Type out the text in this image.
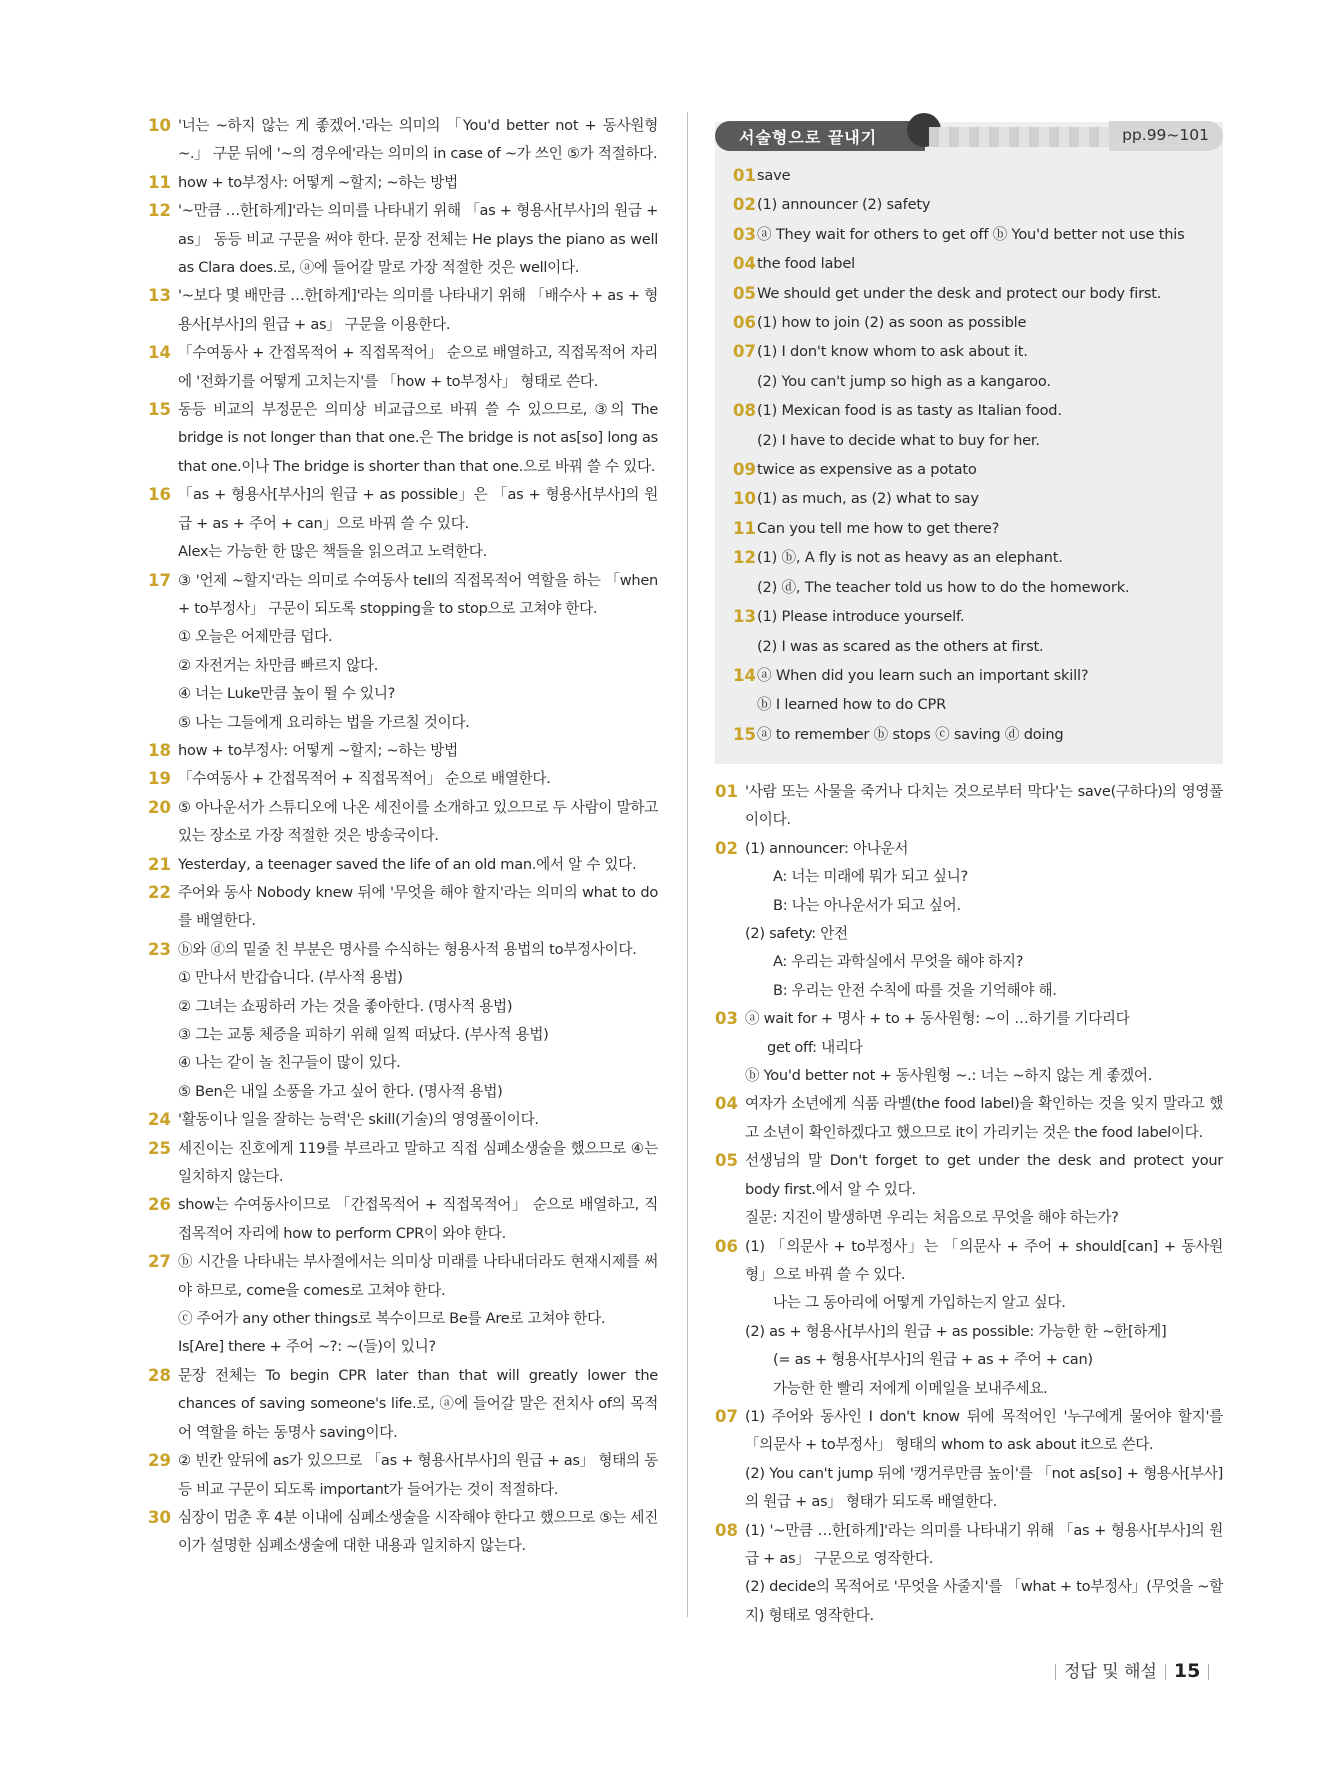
10 '너는 ~하지 않는 게 좋겠어.'라는 의미의 「You'd better not + 동사원형 ~.」 구문 뒤에 '~의 경우에'라는 의미의 in case of ~가 쓰인 ⑤가 적절하다.
11 how + to부정사: 어떻게 ~할지; ~하는 방법
12 '~만큼 …한[하게]'라는 의미를 나타내기 위해 「as + 형용사[부사]의 원급 + as」 동등 비교 구문을 써야 한다. 문장 전체는 He plays the piano as well as Clara does.로, ⓐ에 들어갈 말로 가장 적절한 것은 well이다.
13 '~보다 몇 배만큼 …한[하게]'라는 의미를 나타내기 위해 「배수사 + as + 형용사[부사]의 원급 + as」 구문을 이용한다.
14 「수여동사 + 간접목적어 + 직접목적어」 순으로 배열하고, 직접목적어 자리에 '전화기를 어떻게 고치는지'를 「how + to부정사」 형태로 쓴다.
15 동등 비교의 부정문은 의미상 비교급으로 바꿔 쓸 수 있으므로, ③의 The bridge is not longer than that one.은 The bridge is not as[so] long as that one.이나 The bridge is shorter than that one.으로 바꿔 쓸 수 있다.
16 「as + 형용사[부사]의 원급 + as possible」은 「as + 형용사[부사]의 원급 + as + 주어 + can」으로 바꿔 쓸 수 있다.
Alex는 가능한 한 많은 책들을 읽으려고 노력한다.
17 ③ '언제 ~할지'라는 의미로 수여동사 tell의 직접목적어 역할을 하는 「when + to부정사」 구문이 되도록 stopping을 to stop으로 고쳐야 한다.
① 오늘은 어제만큼 덥다.
② 자전거는 차만큼 빠르지 않다.
④ 너는 Luke만큼 높이 뛸 수 있니?
⑤ 나는 그들에게 요리하는 법을 가르칠 것이다.
18 how + to부정사: 어떻게 ~할지; ~하는 방법
19 「수여동사 + 간접목적어 + 직접목적어」 순으로 배열한다.
20 ⑤ 아나운서가 스튜디오에 나온 세진이를 소개하고 있으므로 두 사람이 말하고 있는 장소로 가장 적절한 것은 방송국이다.
21 Yesterday, a teenager saved the life of an old man.에서 알 수 있다.
22 주어와 동사 Nobody knew 뒤에 '무엇을 해야 할지'라는 의미의 what to do를 배열한다.
23 ⓑ와 ⓓ의 밑줄 친 부분은 명사를 수식하는 형용사적 용법의 to부정사이다.
① 만나서 반갑습니다. (부사적 용법)
② 그녀는 쇼핑하러 가는 것을 좋아한다. (명사적 용법)
③ 그는 교통 체증을 피하기 위해 일찍 떠났다. (부사적 용법)
④ 나는 같이 놀 친구들이 많이 있다.
⑤ Ben은 내일 소풍을 가고 싶어 한다. (명사적 용법)
24 '활동이나 일을 잘하는 능력'은 skill(기술)의 영영풀이이다.
25 세진이는 진호에게 119를 부르라고 말하고 직접 심폐소생술을 했으므로 ④는 일치하지 않는다.
26 show는 수여동사이므로 「간접목적어 + 직접목적어」 순으로 배열하고, 직접목적어 자리에 how to perform CPR이 와야 한다.
27 ⓑ 시간을 나타내는 부사절에서는 의미상 미래를 나타내더라도 현재시제를 써야 하므로, come을 comes로 고쳐야 한다.
ⓒ 주어가 any other things로 복수이므로 Be를 Are로 고쳐야 한다.
Is[Are] there + 주어 ~?: ~(들)이 있니?
28 문장 전체는 To begin CPR later than that will greatly lower the chances of saving someone's life.로, ⓐ에 들어갈 말은 전치사 of의 목적어 역할을 하는 동명사 saving이다.
29 ② 빈칸 앞뒤에 as가 있으므로 「as + 형용사[부사]의 원급 + as」 형태의 동등 비교 구문이 되도록 important가 들어가는 것이 적절하다.
30 심장이 멈춘 후 4분 이내에 심폐소생술을 시작해야 한다고 했으므로 ⑤는 세진이가 설명한 심폐소생술에 대한 내용과 일치하지 않는다.
서술형으로 끝내기	pp.99~101
01 save
02 (1) announcer (2) safety
03 ⓐ They wait for others to get off ⓑ You'd better not use this
04 the food label
05 We should get under the desk and protect our body first.
06 (1) how to join (2) as soon as possible
07 (1) I don't know whom to ask about it.
(2) You can't jump so high as a kangaroo.
08 (1) Mexican food is as tasty as Italian food.
(2) I have to decide what to buy for her.
09 twice as expensive as a potato
10 (1) as much, as (2) what to say
11 Can you tell me how to get there?
12 (1) ⓑ, A fly is not as heavy as an elephant.
(2) ⓓ, The teacher told us how to do the homework.
13 (1) Please introduce yourself.
(2) I was as scared as the others at first.
14 ⓐ When did you learn such an important skill?
ⓑ I learned how to do CPR
15 ⓐ to remember ⓑ stops ⓒ saving ⓓ doing
01 '사람 또는 사물을 죽거나 다치는 것으로부터 막다'는 save(구하다)의 영영풀이이다.
02 (1) announcer: 아나운서
A: 너는 미래에 뭐가 되고 싶니?
B: 나는 아나운서가 되고 싶어.
(2) safety: 안전
A: 우리는 과학실에서 무엇을 해야 하지?
B: 우리는 안전 수칙에 따를 것을 기억해야 해.
03 ⓐ wait for + 명사 + to + 동사원형: ~이 …하기를 기다리다
get off: 내리다
ⓑ You'd better not + 동사원형 ~.: 너는 ~하지 않는 게 좋겠어.
04 여자가 소년에게 식품 라벨(the food label)을 확인하는 것을 잊지 말라고 했고 소년이 확인하겠다고 했으므로 it이 가리키는 것은 the food label이다.
05 선생님의 말 Don't forget to get under the desk and protect your body first.에서 알 수 있다.
질문: 지진이 발생하면 우리는 처음으로 무엇을 해야 하는가?
06 (1) 「의문사 + to부정사」는 「의문사 + 주어 + should[can] + 동사원형」으로 바꿔 쓸 수 있다.
나는 그 동아리에 어떻게 가입하는지 알고 싶다.
(2) as + 형용사[부사]의 원급 + as possible: 가능한 한 ~한[하게]
(= as + 형용사[부사]의 원급 + as + 주어 + can)
가능한 한 빨리 저에게 이메일을 보내주세요.
07 (1) 주어와 동사인 I don't know 뒤에 목적어인 '누구에게 물어야 할지'를 「의문사 + to부정사」 형태의 whom to ask about it으로 쓴다.
(2) You can't jump 뒤에 '캥거루만큼 높이'를 「not as[so] + 형용사[부사]의 원급 + as」 형태가 되도록 배열한다.
08 (1) '~만큼 …한[하게]'라는 의미를 나타내기 위해 「as + 형용사[부사]의 원급 + as」 구문으로 영작한다.
(2) decide의 목적어로 '무엇을 사줄지'를 「what + to부정사」(무엇을 ~할지) 형태로 영작한다.
정답 및 해설 15
